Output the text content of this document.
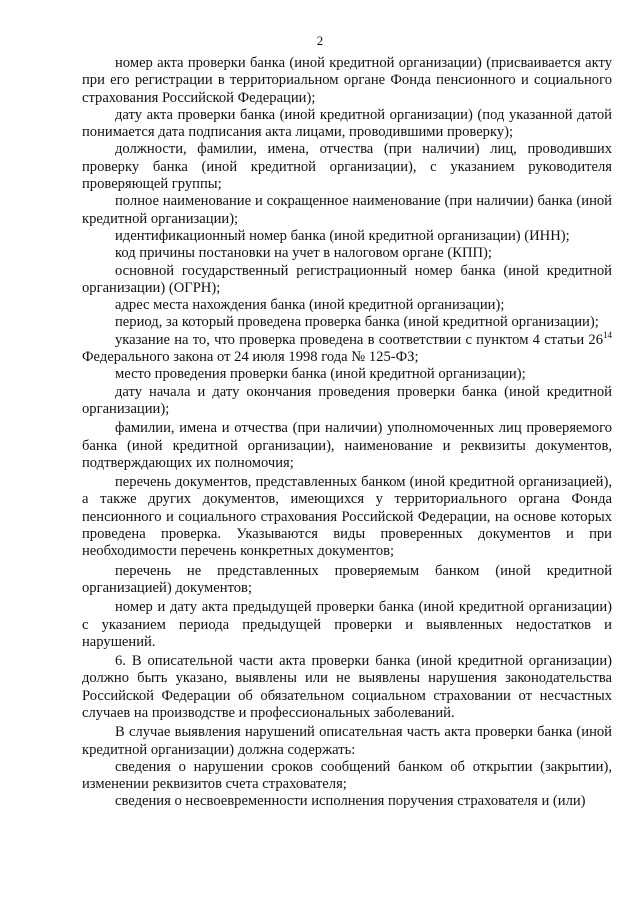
2

номер акта проверки банка (иной кредитной организации) (присваивается акту при его регистрации в территориальном органе Фонда пенсионного и социального страхования Российской Федерации);

дату акта проверки банка (иной кредитной организации) (под указанной датой понимается дата подписания акта лицами, проводившими проверку);

должности, фамилии, имена, отчества (при наличии) лиц, проводивших проверку банка (иной кредитной организации), с указанием руководителя проверяющей группы;

полное наименование и сокращенное наименование (при наличии) банка (иной кредитной организации);

идентификационный номер банка (иной кредитной организации) (ИНН);

код причины постановки на учет в налоговом органе (КПП);

основной государственный регистрационный номер банка (иной кредитной организации) (ОГРН);

адрес места нахождения банка (иной кредитной организации);

период, за который проведена проверка банка (иной кредитной организации);

указание на то, что проверка проведена в соответствии с пунктом 4 статьи $26^{14}$ Федерального закона от 24 июля 1998 года № 125-ФЗ;

место проведения проверки банка (иной кредитной организации);

дату начала и дату окончания проведения проверки банка (иной кредитной организации);

фамилии, имена и отчества (при наличии) уполномоченных лиц проверяемого банка (иной кредитной организации), наименование и реквизиты документов, подтверждающих их полномочия;

перечень документов, представленных банком (иной кредитной организацией), а также других документов, имеющихся у территориального органа Фонда пенсионного и социального страхования Российской Федерации, на основе которых проведена проверка. Указываются виды проверенных документов и при необходимости перечень конкретных документов;

перечень не представленных проверяемым банком (иной кредитной организацией) документов;

номер и дату акта предыдущей проверки банка (иной кредитной организации) с указанием периода предыдущей проверки и выявленных недостатков и нарушений.

6. В описательной части акта проверки банка (иной кредитной организации) должно быть указано, выявлены или не выявлены нарушения законодательства Российской Федерации об обязательном социальном страховании от несчастных случаев на производстве и профессиональных заболеваний.

В случае выявления нарушений описательная часть акта проверки банка (иной кредитной организации) должна содержать:

сведения о нарушении сроков сообщений банком об открытии (закрытии), изменении реквизитов счета страхователя;

сведения о несвоевременности исполнения поручения страхователя и (или)
